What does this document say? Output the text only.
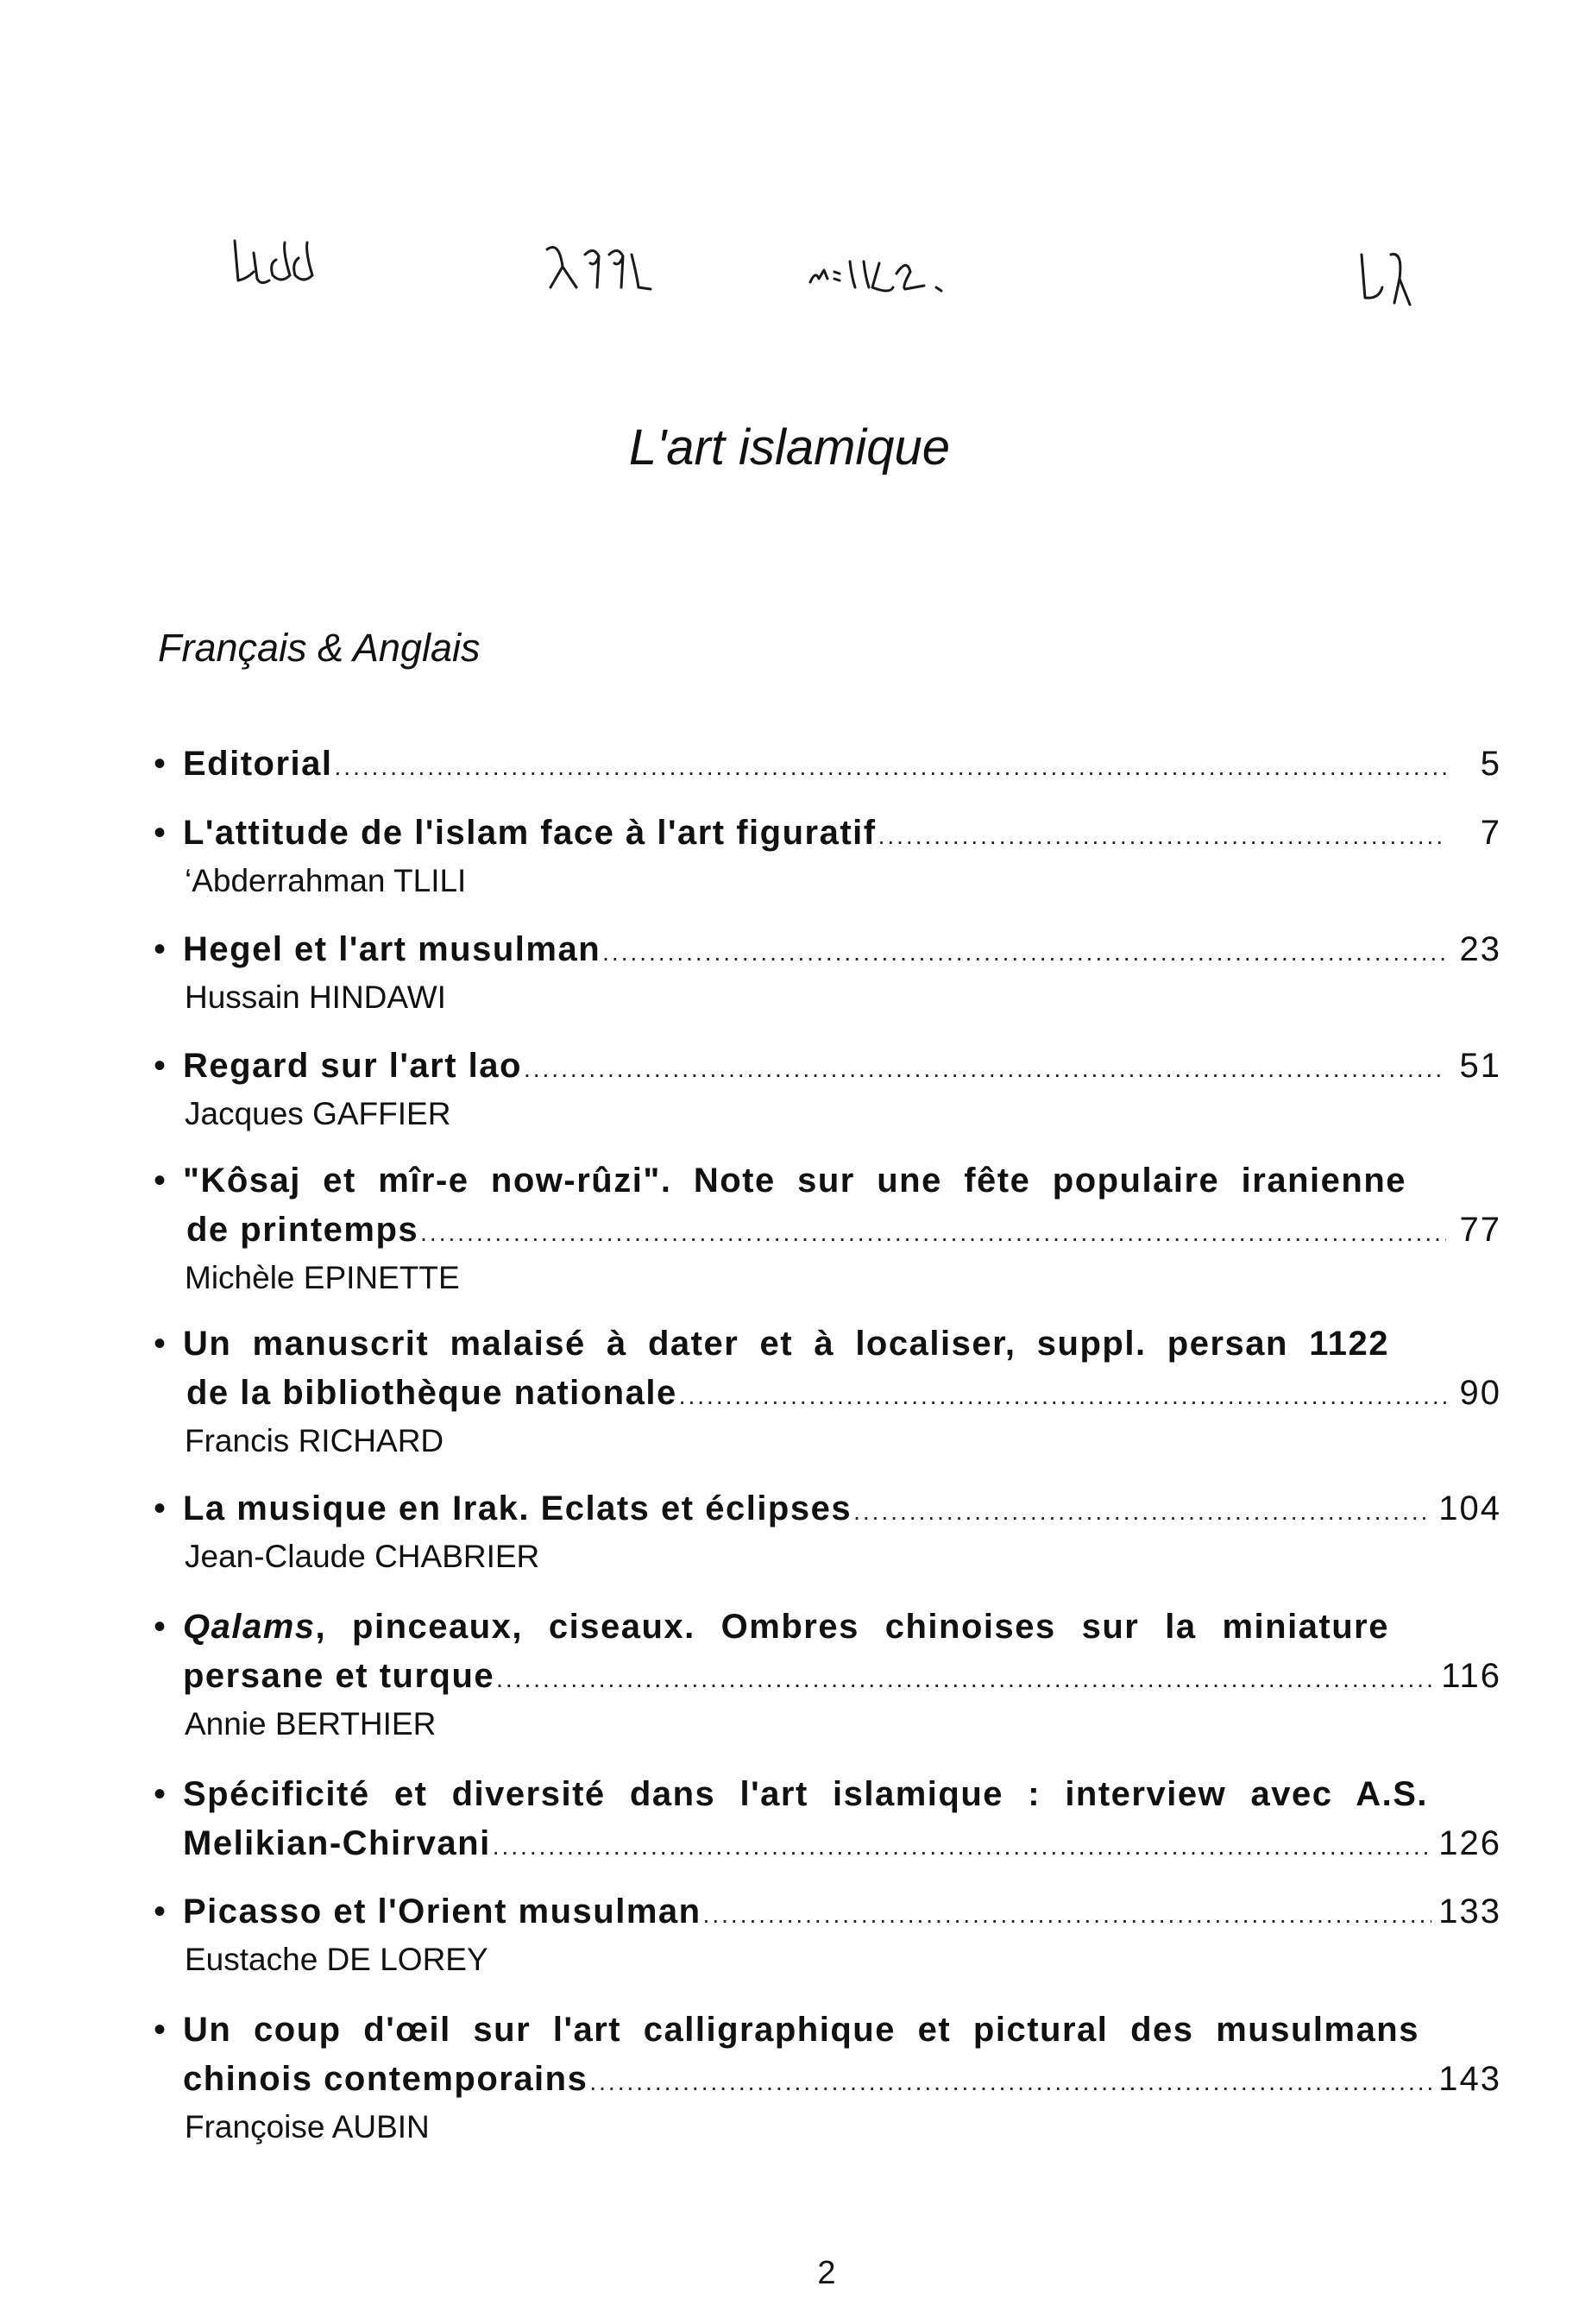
L'art islamique

Français & Anglais

• Editorial .....	5
• L'attitude de l'islam face à l'art figuratif .....	7
‘Abderrahman TLILI
• Hegel et l'art musulman .....	23
Hussain HINDAWI
• Regard sur l'art lao .....	51
Jacques GAFFIER
• "Kôsaj et mîr-e now-rûzi". Note sur une fête populaire iranienne
de printemps .....	77
Michèle EPINETTE
• Un manuscrit malaisé à dater et à localiser, suppl. persan 1122
de la bibliothèque nationale .....	90
Francis RICHARD
• La musique en Irak. Eclats et éclipses .....	104
Jean-Claude CHABRIER
• Qalams, pinceaux, ciseaux. Ombres chinoises sur la miniature
persane et turque .....	116
Annie BERTHIER
• Spécificité et diversité dans l'art islamique : interview avec A.S.
Melikian-Chirvani .....	126
• Picasso et l'Orient musulman .....	133
Eustache DE LOREY
• Un coup d'œil sur l'art calligraphique et pictural des musulmans
chinois contemporains .....	143
Françoise AUBIN

2
